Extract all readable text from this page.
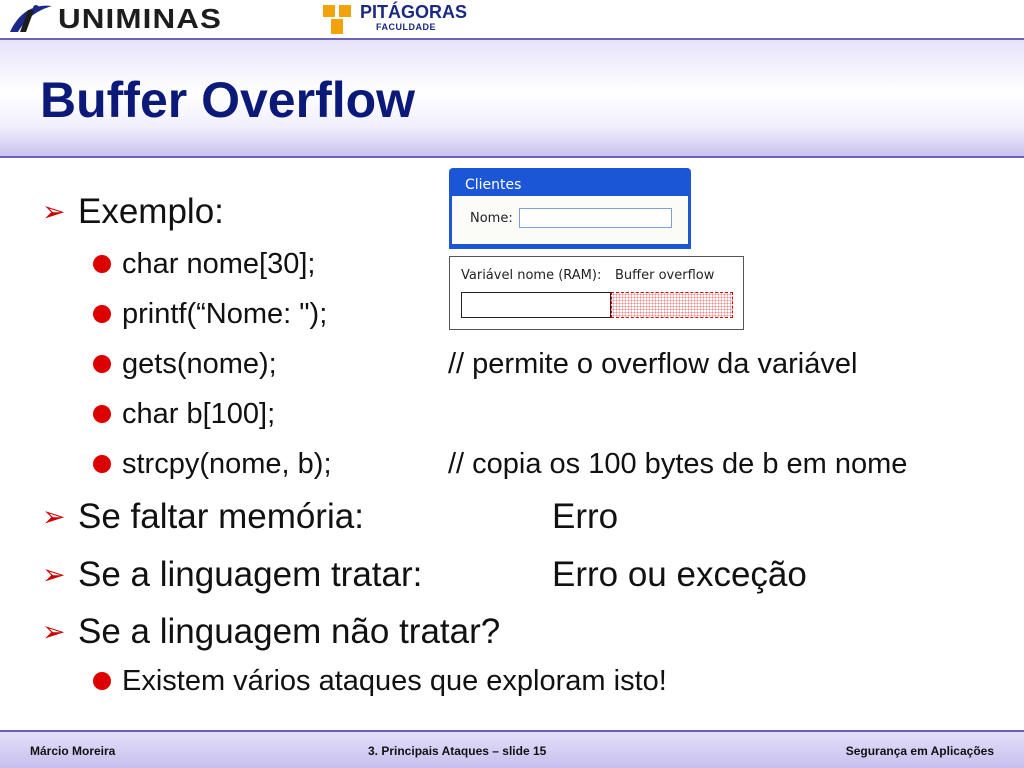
UNIMINAS	PITÁGORAS
FACULDADE
Buffer Overflow
➢ Exemplo:
char nome[30];
printf(“Nome: ");
gets(nome);	// permite o overflow da variável
char b[100];
strcpy(nome, b);	// copia os 100 bytes de b em nome
➢ Se faltar memória:	Erro
➢ Se a linguagem tratar:	Erro ou exceção
➢ Se a linguagem não tratar?
Existem vários ataques que exploram isto!
Clientes
Nome:
Variável nome (RAM): Buffer overflow
Márcio Moreira	3. Principais Ataques – slide 15	Segurança em Aplicações
